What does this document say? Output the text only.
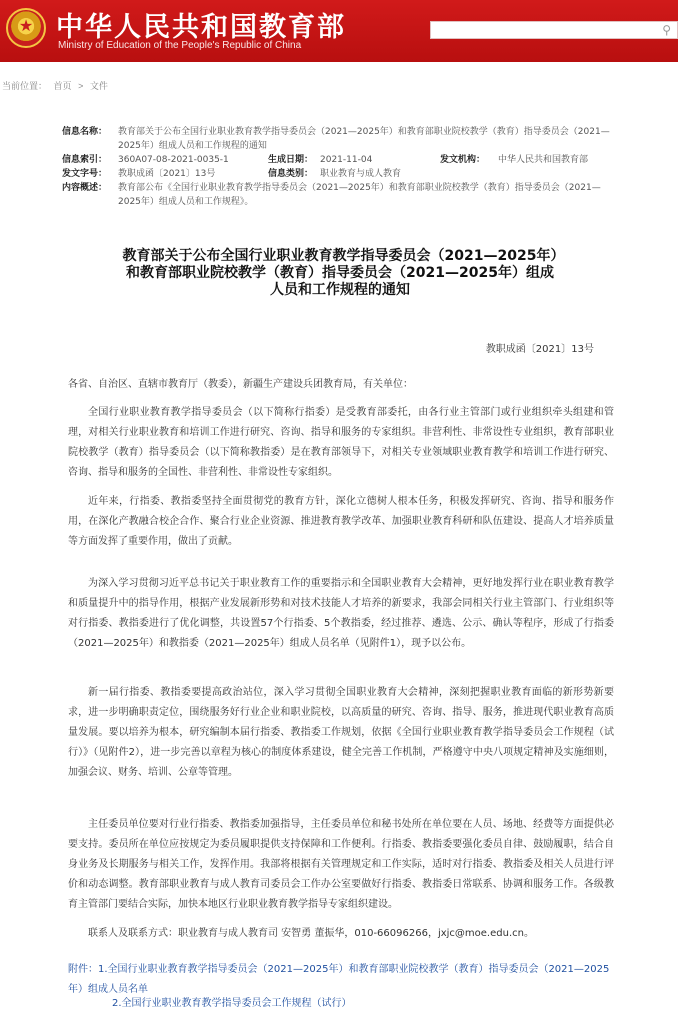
★ 中华人民共和国教育部
Ministry of Education of the People's Republic of China
⚲
当前位置： 首页 > 文件
信息名称：	教育部关于公布全国行业职业教育教学指导委员会（2021—2025年）和教育部职业院校教学（教育）指导委员会（2021—2025年）组成人员和工作规程的通知
信息索引：	360A07-08-2021-0035-1	生成日期： 2021-11-04	发文机构：	中华人民共和国教育部
发文字号：	教职成函〔2021〕13号	信息类别： 职业教育与成人教育
内容概述：	教育部公布《全国行业职业教育教学指导委员会（2021—2025年）和教育部职业院校教学（教育）指导委员会（2021—2025年）组成人员和工作规程》。
教育部关于公布全国行业职业教育教学指导委员会（2021—2025年）和教育部职业院校教学（教育）指导委员会（2021—2025年）组成人员和工作规程的通知
教职成函〔2021〕13号
各省、自治区、直辖市教育厅（教委），新疆生产建设兵团教育局，有关单位：
全国行业职业教育教学指导委员会（以下简称行指委）是受教育部委托，由各行业主管部门或行业组织牵头组建和管理，对相关行业职业教育和培训工作进行研究、咨询、指导和服务的专家组织。非营利性、非常设性专业组织，教育部职业院校教学（教育）指导委员会（以下简称教指委）是在教育部领导下，对相关专业领域职业教育教学和培训工作进行研究、咨询、指导和服务的全国性、非营利性、非常设性专家组织。
近年来，行指委、教指委坚持全面贯彻党的教育方针，深化立德树人根本任务，积极发挥研究、咨询、指导和服务作用，在深化产教融合校企合作、聚合行业企业资源、推进教育教学改革、加强职业教育科研和队伍建设、提高人才培养质量等方面发挥了重要作用，做出了贡献。
为深入学习贯彻习近平总书记关于职业教育工作的重要指示和全国职业教育大会精神，更好地发挥行业在职业教育教学和质量提升中的指导作用，根据产业发展新形势和对技术技能人才培养的新要求，我部会同相关行业主管部门、行业组织等对行指委、教指委进行了优化调整，共设置57个行指委、5个教指委，经过推荐、遴选、公示、确认等程序，形成了行指委（2021—2025年）和教指委（2021—2025年）组成人员名单（见附件1），现予以公布。
新一届行指委、教指委要提高政治站位，深入学习贯彻全国职业教育大会精神，深刻把握职业教育面临的新形势新要求，进一步明确职责定位，围绕服务好行业企业和职业院校，以高质量的研究、咨询、指导、服务，推进现代职业教育高质量发展。要以培养为根本，研究编制本届行指委、教指委工作规划，依据《全国行业职业教育教学指导委员会工作规程（试行）》（见附件2），进一步完善以章程为核心的制度体系建设，健全完善工作机制，严格遵守中央八项规定精神及实施细则，加强会议、财务、培训、公章等管理。
主任委员单位要对行业行指委、教指委加强指导，主任委员单位和秘书处所在单位要在人员、场地、经费等方面提供必要支持。委员所在单位应按规定为委员履职提供支持保障和工作便利。行指委、教指委要强化委员自律、鼓励履职，结合自身业务及长期服务与相关工作，发挥作用。我部将根据有关管理规定和工作实际，适时对行指委、教指委及相关人员进行评价和动态调整。教育部职业教育与成人教育司委员会工作办公室要做好行指委、教指委日常联系、协调和服务工作。各级教育主管部门要结合实际，加快本地区行业职业教育教学指导专家组织建设。
联系人及联系方式：职业教育与成人教育司 安智勇 董振华，010-66096266，jxjc@moe.edu.cn。
附件：1.全国行业职业教育教学指导委员会（2021—2025年）和教育部职业院校教学（教育）指导委员会（2021—2025年）组成人员名单
2.全国行业职业教育教学指导委员会工作规程（试行）
